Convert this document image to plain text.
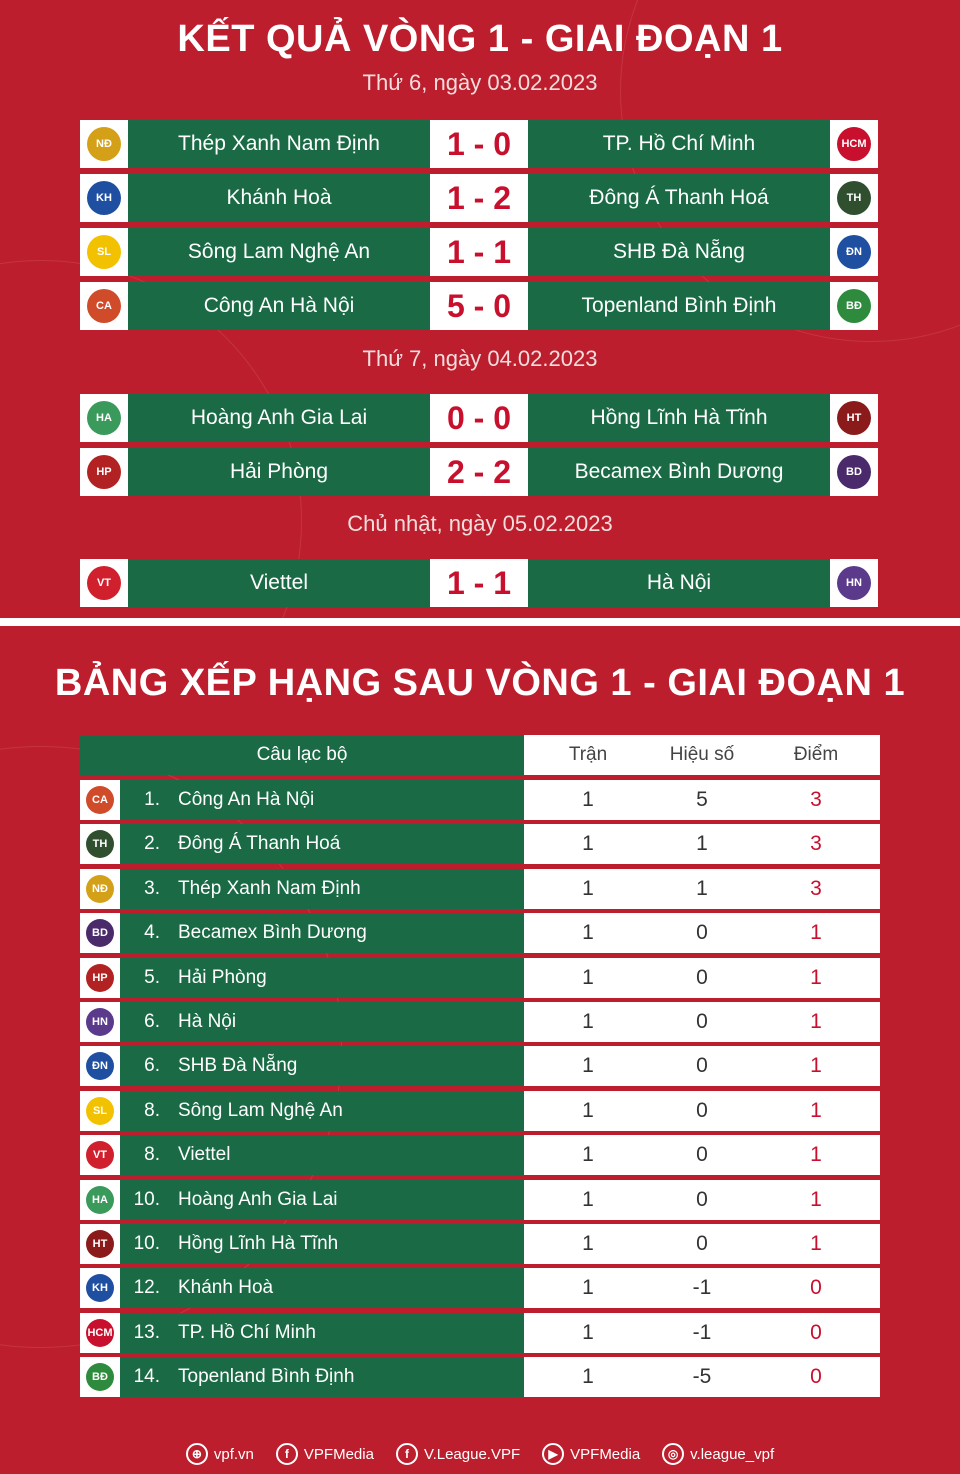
KẾT QUẢ VÒNG 1 - GIAI ĐOẠN 1
Thứ 6, ngày 03.02.2023
NĐ	Thép Xanh Nam Định	1 - 0	TP. Hồ Chí Minh	HCM
KH	Khánh Hoà	1 - 2	Đông Á Thanh Hoá	TH
SL	Sông Lam Nghệ An	1 - 1	SHB Đà Nẵng	ĐN
CA	Công An Hà Nội	5 - 0	Topenland Bình Định	BĐ
Thứ 7, ngày 04.02.2023
HA	Hoàng Anh Gia Lai	0 - 0	Hồng Lĩnh Hà Tĩnh	HT
HP	Hải Phòng	2 - 2	Becamex Bình Dương	BD
Chủ nhật, ngày 05.02.2023
VT	Viettel	1 - 1	Hà Nội	HN
BẢNG XẾP HẠNG SAU VÒNG 1 - GIAI ĐOẠN 1
Câu lạc bộ	Trận	Hiệu số	Điểm
CA	1. Công An Hà Nội	1	5	3
TH	2. Đông Á Thanh Hoá	1	1	3
NĐ	3. Thép Xanh Nam Định	1	1	3
BD	4. Becamex Bình Dương	1	0	1
HP	5. Hải Phòng	1	0	1
HN	6. Hà Nội	1	0	1
ĐN	6. SHB Đà Nẵng	1	0	1
SL	8. Sông Lam Nghệ An	1	0	1
VT	8. Viettel	1	0	1
HA	10. Hoàng Anh Gia Lai	1	0	1
HT	10. Hồng Lĩnh Hà Tĩnh	1	0	1
KH	12. Khánh Hoà	1	-1	0
HCM	13. TP. Hồ Chí Minh	1	-1	0
BĐ	14. Topenland Bình Định	1	-5	0
⊕ vpf.vn	f	VPFMedia	f	V.League.VPF	▶ VPFMedia	◎ v.league_vpf
